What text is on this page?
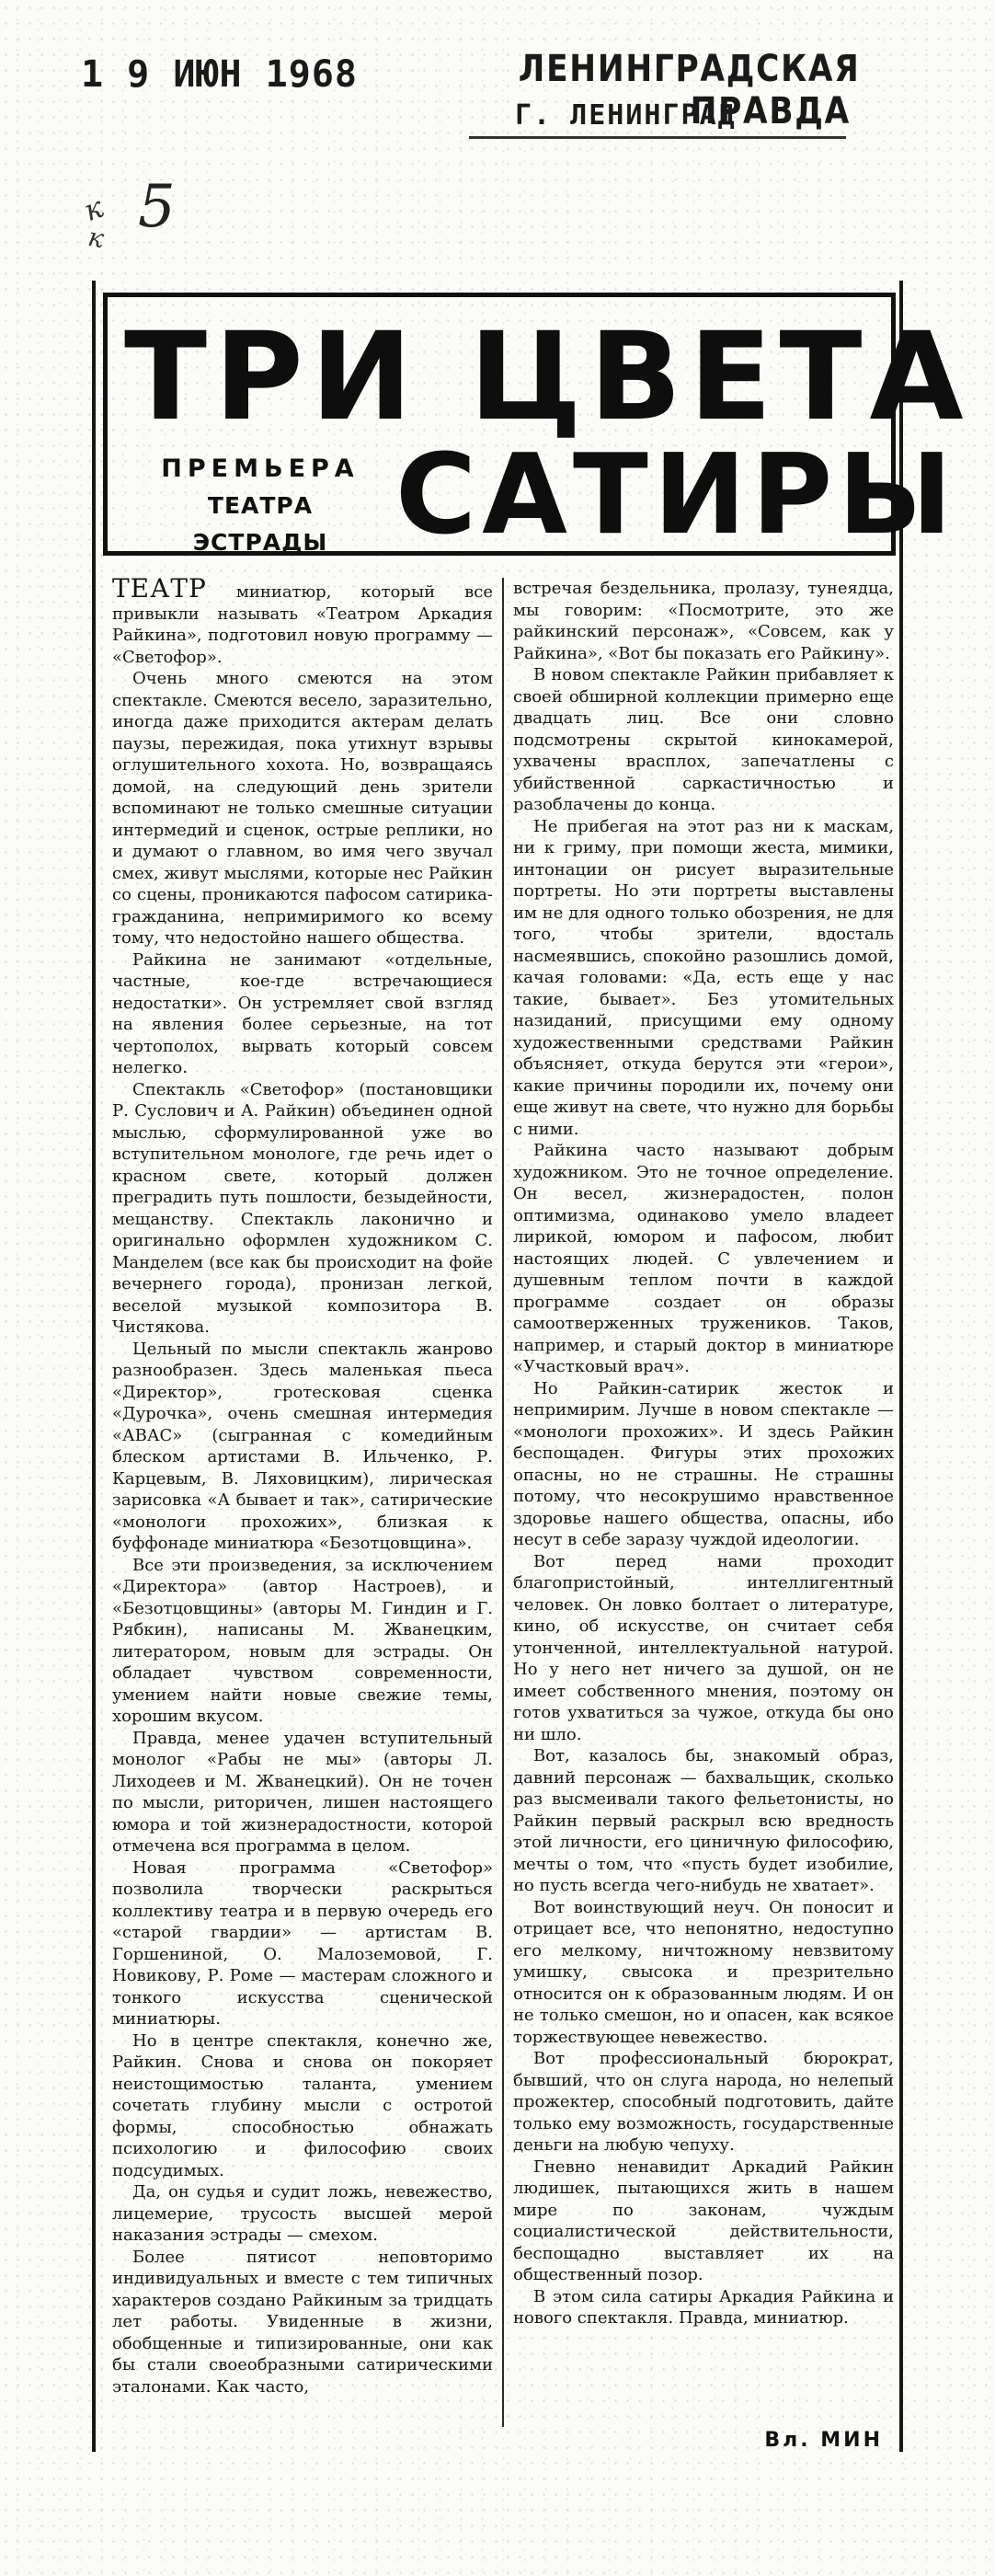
1 9 ИЮН 1968	ЛЕНИНГРАДСКАЯ ПРАВДА
Г. ЛЕНИНГРАД
к
к 5
ТРИ ЦВЕТА
ПРЕМЬЕРА
ТЕАТРА ЭСТРАДЫ САТИРЫ

ТЕАТР миниатюр, который все привыкли называть «Театром Аркадия Райкина», подготовил новую программу — «Светофор».

Очень много смеются на этом спектакле. Смеются весело, заразительно, иногда даже приходится актерам делать паузы, пережидая, пока утихнут взрывы оглушительного хохота. Но, возвращаясь домой, на следующий день зрители вспоминают не только смешные ситуации интермедий и сценок, острые реплики, но и думают о главном, во имя чего звучал смех, живут мыслями, которые нес Райкин со сцены, проникаются пафосом сатирика-гражданина, непримиримого ко всему тому, что недостойно нашего общества.

Райкина не занимают «отдельные, частные, кое-где встречающиеся недостатки». Он устремляет свой взгляд на явления более серьезные, на тот чертополох, вырвать который совсем нелегко.

Спектакль «Светофор» (постановщики Р. Суслович и А. Райкин) объединен одной мыслью, сформулированной уже во вступительном монологе, где речь идет о красном свете, который должен преградить путь пошлости, безыдейности, мещанству. Спектакль лаконично и оригинально оформлен художником С. Манделем (все как бы происходит на фойе вечернего города), пронизан легкой, веселой музыкой композитора В. Чистякова.

Цельный по мысли спектакль жанрово разнообразен. Здесь маленькая пьеса «Директор», гротесковая сценка «Дурочка», очень смешная интермедия «АВАС» (сыгранная с комедийным блеском артистами В. Ильченко, Р. Карцевым, В. Ляховицким), лирическая зарисовка «А бывает и так», сатирические «монологи прохожих», близкая к буффонаде миниатюра «Безотцовщина».

Все эти произведения, за исключением «Директора» (автор Настроев), и «Безотцовщины» (авторы М. Гиндин и Г. Рябкин), написаны М. Жванецким, литератором, новым для эстрады. Он обладает чувством современности, умением найти новые свежие темы, хорошим вкусом.

Правда, менее удачен вступительный монолог «Рабы не мы» (авторы Л. Лиходеев и М. Жванецкий). Он не точен по мысли, риторичен, лишен настоящего юмора и той жизнерадостности, которой отмечена вся программа в целом.

Новая программа «Светофор» позволила творчески раскрыться коллективу театра и в первую очередь его «старой гвардии» — артистам В. Горшениной, О. Малоземовой, Г. Новикову, Р. Роме — мастерам сложного и тонкого искусства сценической миниатюры.

Но в центре спектакля, конечно же, Райкин. Снова и снова он покоряет неистощимостью таланта, умением сочетать глубину мысли с остротой формы, способностью обнажать психологию и философию своих подсудимых.

Да, он судья и судит ложь, невежество, лицемерие, трусость высшей мерой наказания эстрады — смехом.

Более пятисот неповторимо индивидуальных и вместе с тем типичных характеров создано Райкиным за тридцать лет работы. Увиденные в жизни, обобщенные и типизированные, они как бы стали своеобразными сатирическими эталонами. Как часто,

встречая бездельника, пролазу, тунеядца, мы говорим: «Посмотрите, это же райкинский персонаж», «Совсем, как у Райкина», «Вот бы показать его Райкину».

В новом спектакле Райкин прибавляет к своей обширной коллекции примерно еще двадцать лиц. Все они словно подсмотрены скрытой кинокамерой, ухвачены врасплох, запечатлены с убийственной саркастичностью и разоблачены до конца.

Не прибегая на этот раз ни к маскам, ни к гриму, при помощи жеста, мимики, интонации он рисует выразительные портреты. Но эти портреты выставлены им не для одного только обозрения, не для того, чтобы зрители, вдосталь насмеявшись, спокойно разошлись домой, качая головами: «Да, есть еще у нас такие, бывает». Без утомительных назиданий, присущими ему одному художественными средствами Райкин объясняет, откуда берутся эти «герои», какие причины породили их, почему они еще живут на свете, что нужно для борьбы с ними.

Райкина часто называют добрым художником. Это не точное определение. Он весел, жизнерадостен, полон оптимизма, одинаково умело владеет лирикой, юмором и пафосом, любит настоящих людей. С увлечением и душевным теплом почти в каждой программе создает он образы самоотверженных тружеников. Таков, например, и старый доктор в миниатюре «Участковый врач».

Но Райкин-сатирик жесток и непримирим. Лучше в новом спектакле — «монологи прохожих». И здесь Райкин беспощаден. Фигуры этих прохожих опасны, но не страшны. Не страшны потому, что несокрушимо нравственное здоровье нашего общества, опасны, ибо несут в себе заразу чуждой идеологии.

Вот перед нами проходит благопристойный, интеллигентный человек. Он ловко болтает о литературе, кино, об искусстве, он считает себя утонченной, интеллектуальной натурой. Но у него нет ничего за душой, он не имеет собственного мнения, поэтому он готов ухватиться за чужое, откуда бы оно ни шло.

Вот, казалось бы, знакомый образ, давний персонаж — бахвальщик, сколько раз высмеивали такого фельетонисты, но Райкин первый раскрыл всю вредность этой личности, его циничную философию, мечты о том, что «пусть будет изобилие, но пусть всегда чего-нибудь не хватает».

Вот воинствующий неуч. Он поносит и отрицает все, что непонятно, недоступно его мелкому, ничтожному невзвитому умишку, свысока и презрительно относится он к образованным людям. И он не только смешон, но и опасен, как всякое торжествующее невежество.

Вот профессиональный бюрократ, бывший, что он слуга народа, но нелепый прожектер, способный подготовить, дайте только ему возможность, государственные деньги на любую чепуху.

Гневно ненавидит Аркадий Райкин людишек, пытающихся жить в нашем мире по законам, чуждым социалистической действительности, беспощадно выставляет их на общественный позор.

В этом сила сатиры Аркадия Райкина и нового спектакля. Правда, миниатюр.

Вл. МИН
